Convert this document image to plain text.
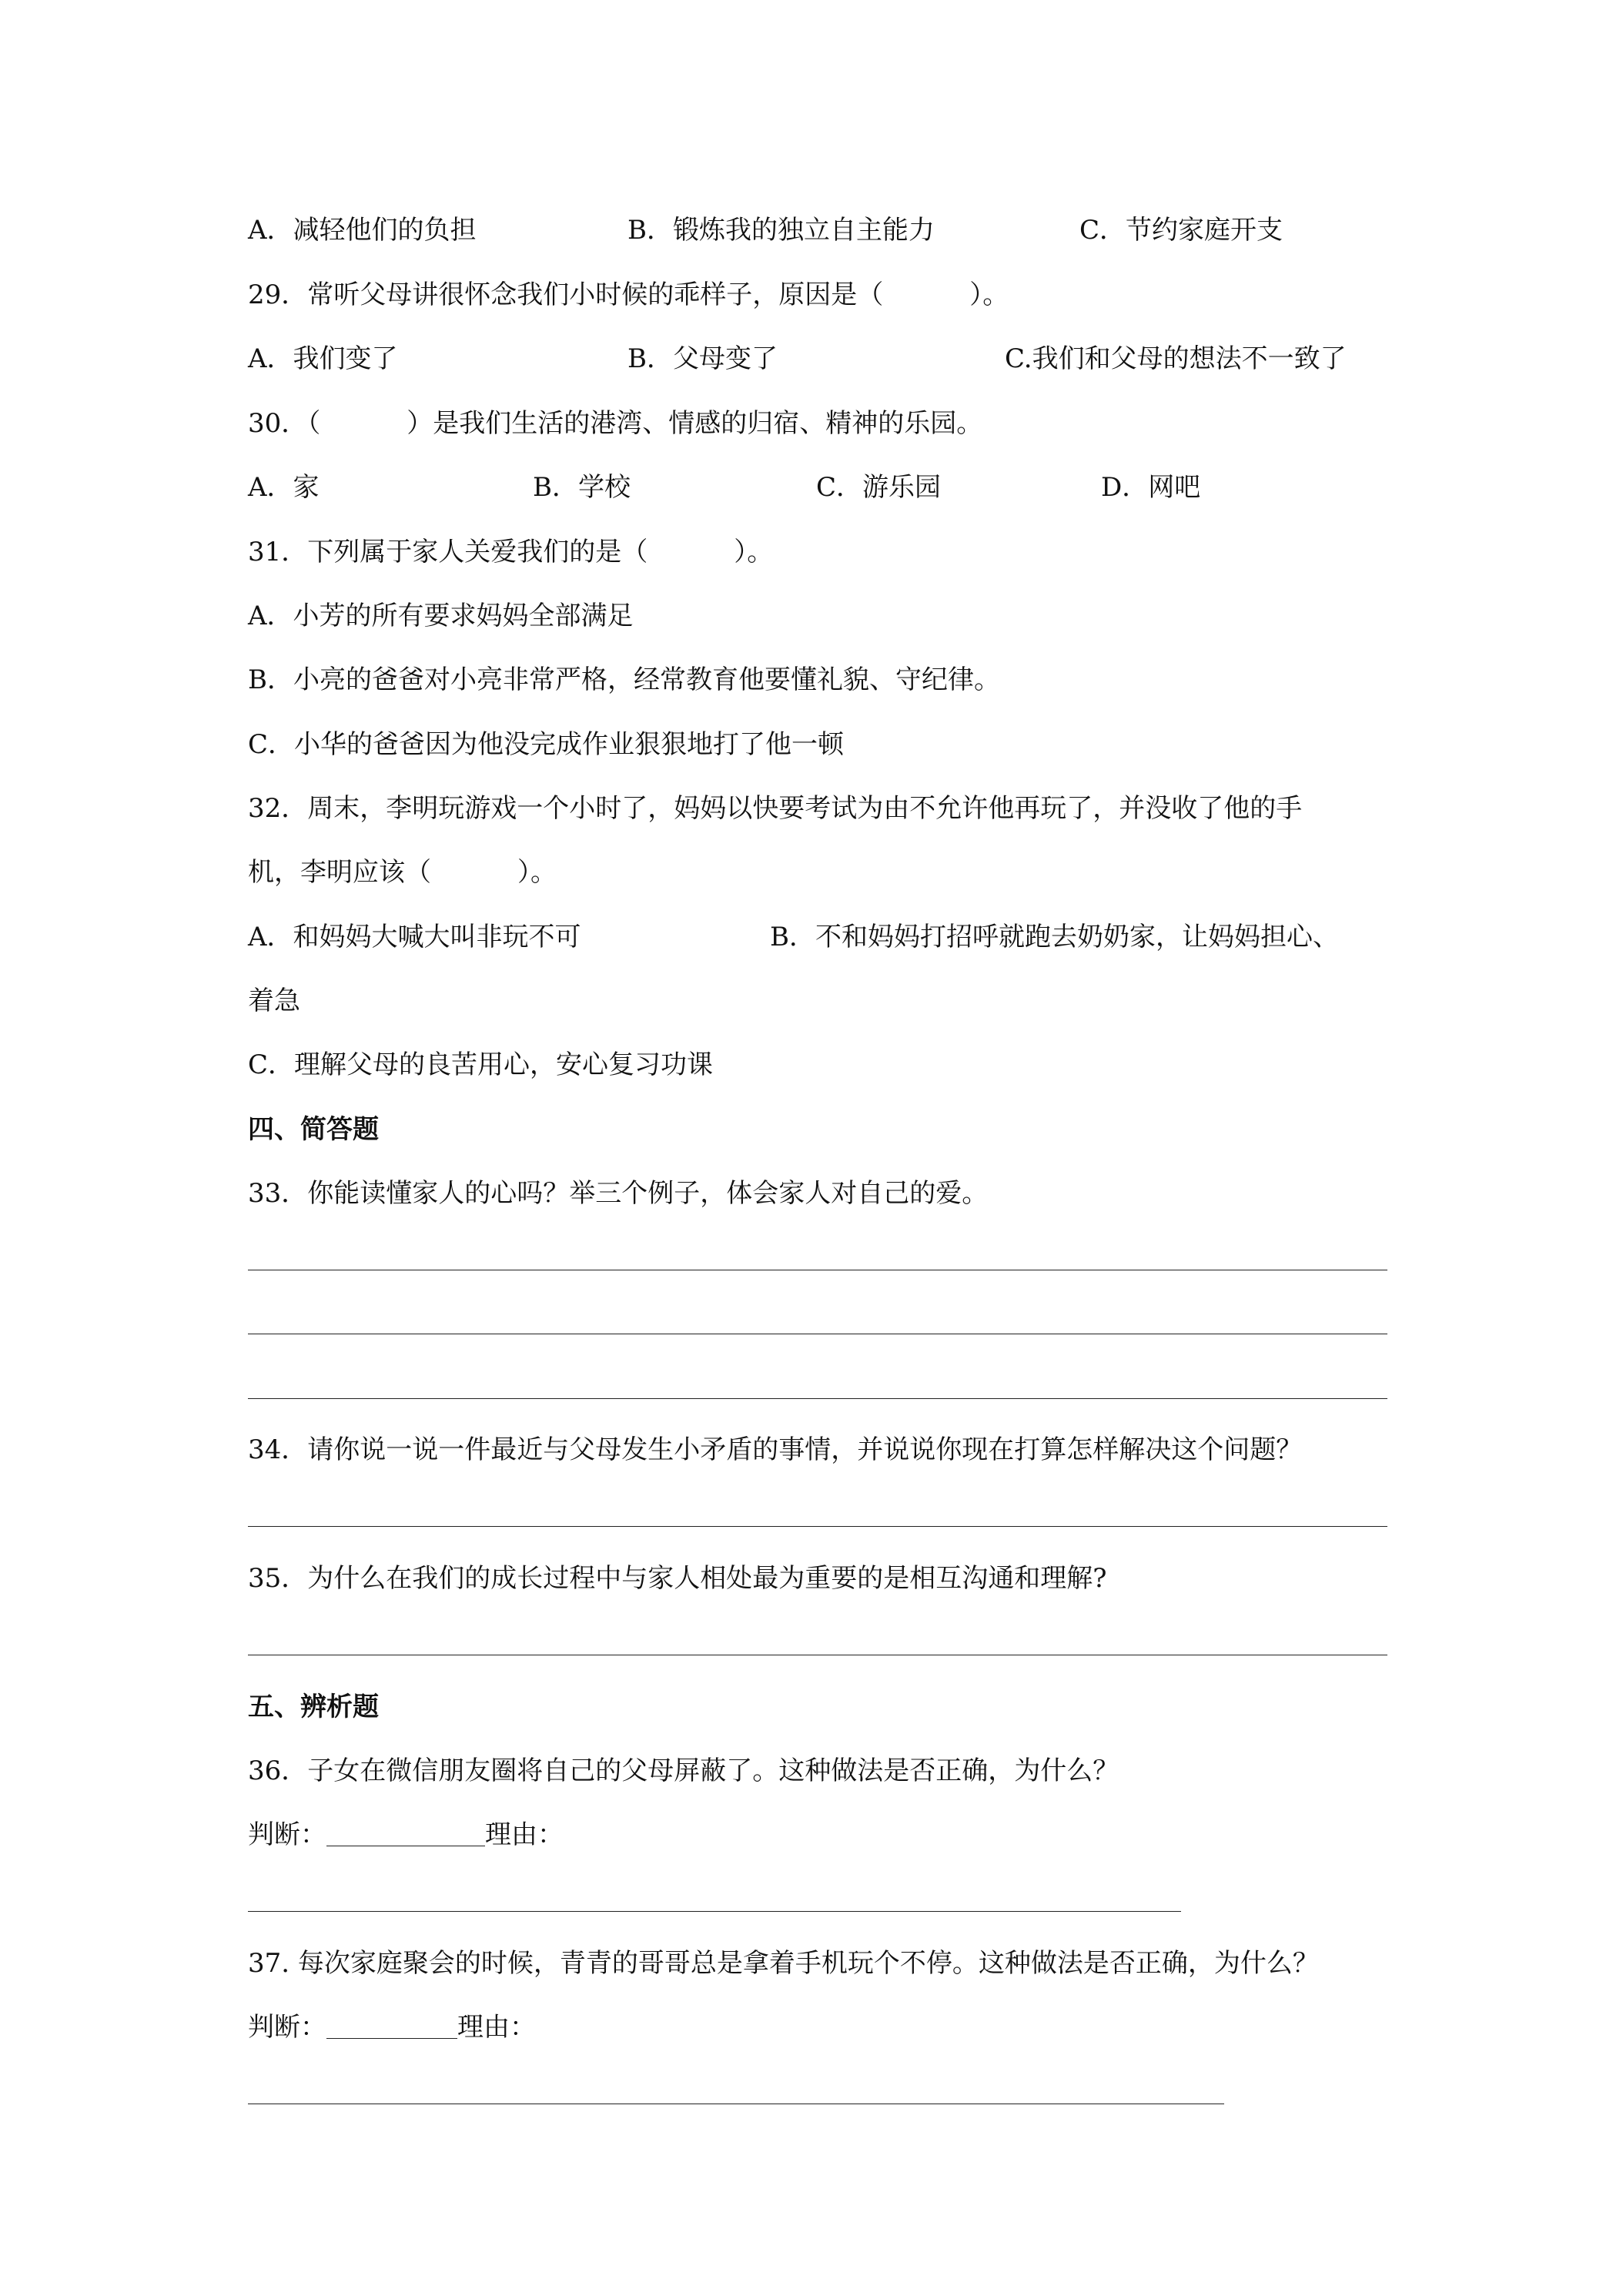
A．减轻他们的负担	B．锻炼我的独立自主能力	C．节约家庭开支
29．常听父母讲很怀念我们小时候的乖样子，原因是（	）。
A．我们变了	B．父母变了	C.我们和父母的想法不一致了
30．（	）是我们生活的港湾、情感的归宿、精神的乐园。
A．家	B．学校	C．游乐园	D．网吧
31．下列属于家人关爱我们的是（	）。
A．小芳的所有要求妈妈全部满足
B．小亮的爸爸对小亮非常严格，经常教育他要懂礼貌、守纪律。
C．小华的爸爸因为他没完成作业狠狠地打了他一顿
32．周末，李明玩游戏一个小时了，妈妈以快要考试为由不允许他再玩了，并没收了他的手
机，李明应该（	）。
A．和妈妈大喊大叫非玩不可	B．不和妈妈打招呼就跑去奶奶家，让妈妈担心、
着急
C．理解父母的良苦用心，安心复习功课
四、简答题
33．你能读懂家人的心吗？举三个例子，体会家人对自己的爱。
34．请你说一说一件最近与父母发生小矛盾的事情，并说说你现在打算怎样解决这个问题？
35．为什么在我们的成长过程中与家人相处最为重要的是相互沟通和理解?
五、辨析题
36．子女在微信朋友圈将自己的父母屏蔽了。这种做法是否正确，为什么？
判断：	理由：
37. 每次家庭聚会的时候，青青的哥哥总是拿着手机玩个不停。这种做法是否正确，为什么？
判断：	理由：
